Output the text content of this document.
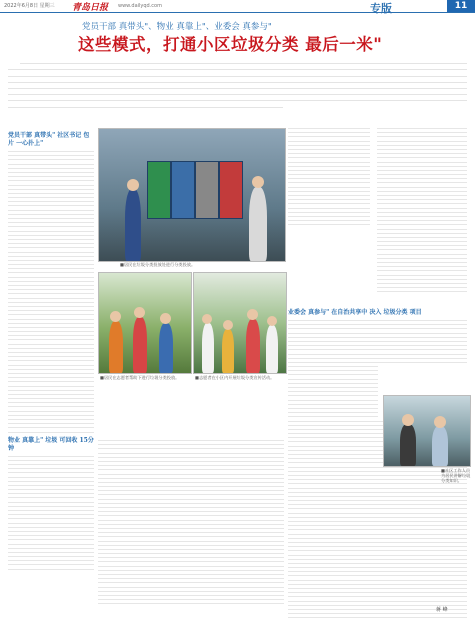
2022年6月8日 星期三 青岛日报 www.dailyqd.com	专版	11
党员干部 真带头"、物业 真靠上"、业委会 真参与"
这些模式，打通小区垃圾分类 最后一米"
党员干部 真带头" 社区书记 包片 一心扑上"
物业 真靠上" 垃圾 可回收 15分钟
■居民在垃圾分类投放处进行分类投放。
■居民在志愿者帮助下进行垃圾分类投放。	■志愿者在小区内开展垃圾分类宣传活动。
业委会 真参与" 在自治共享中 决入 垃圾分类 项目
■社区工作人员为居民讲解垃圾分类知识。
蒋 峰
